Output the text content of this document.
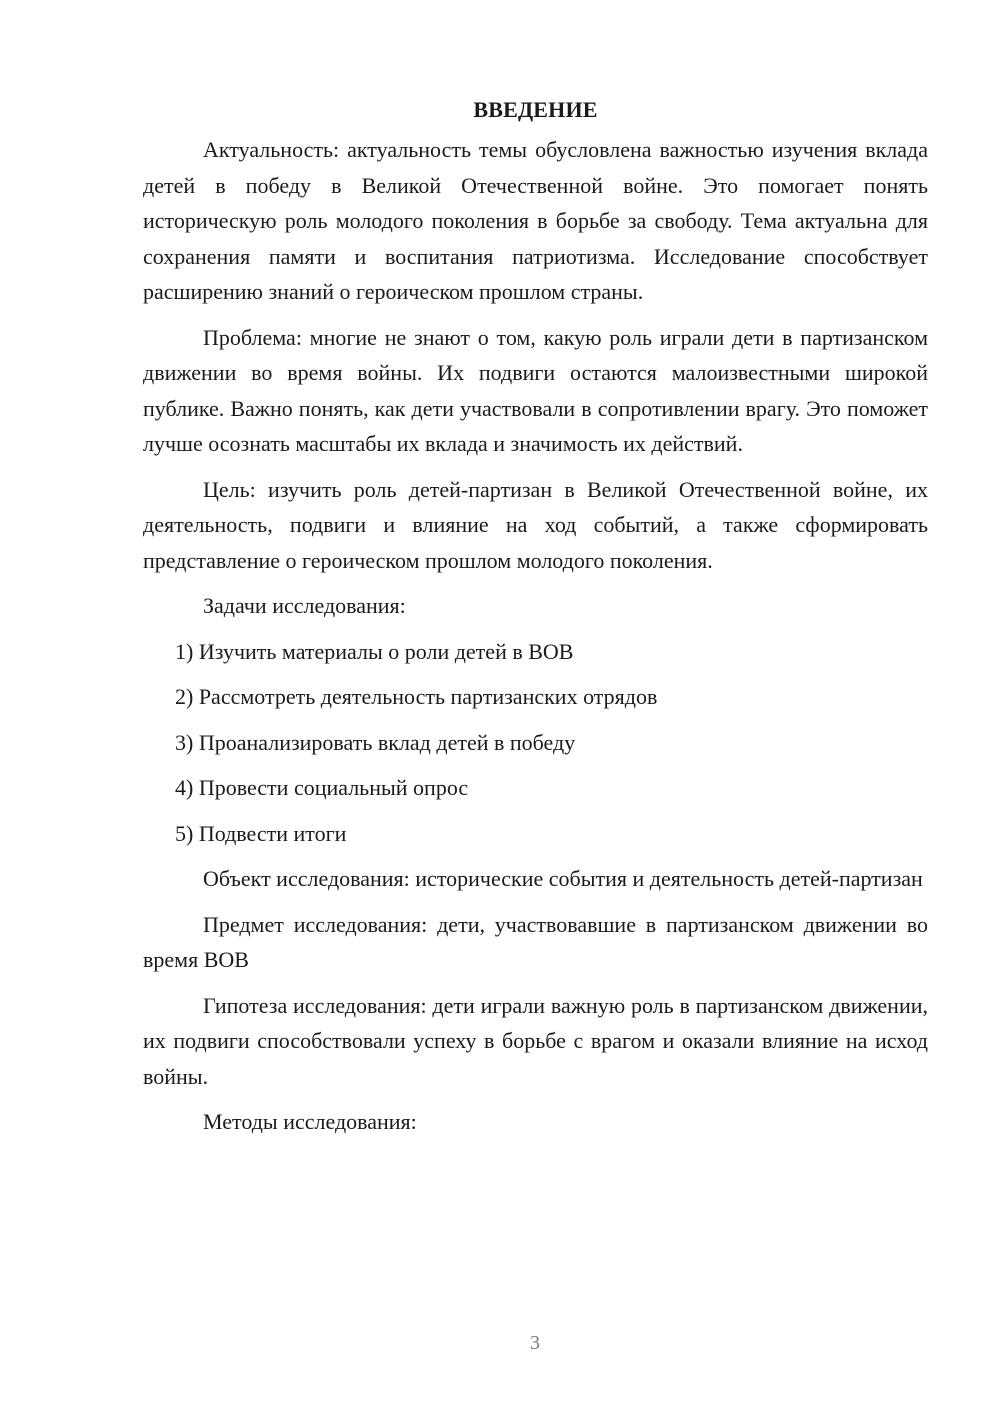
ВВЕДЕНИЕ

Актуальность: актуальность темы обусловлена важностью изучения вклада детей в победу в Великой Отечественной войне. Это помогает понять историческую роль молодого поколения в борьбе за свободу. Тема актуальна для сохранения памяти и воспитания патриотизма. Исследование способствует расширению знаний о героическом прошлом страны.

Проблема: многие не знают о том, какую роль играли дети в партизанском движении во время войны. Их подвиги остаются малоизвестными широкой публике. Важно понять, как дети участвовали в сопротивлении врагу. Это поможет лучше осознать масштабы их вклада и значимость их действий.

Цель: изучить роль детей-партизан в Великой Отечественной войне, их деятельность, подвиги и влияние на ход событий, а также сформировать представление о героическом прошлом молодого поколения.

Задачи исследования:

1) Изучить материалы о роли детей в ВОВ
2) Рассмотреть деятельность партизанских отрядов
3) Проанализировать вклад детей в победу
4) Провести социальный опрос
5) Подвести итоги

Объект исследования: исторические события и деятельность детей-партизан

Предмет исследования: дети, участвовавшие в партизанском движении во время ВОВ

Гипотеза исследования: дети играли важную роль в партизанском движении, их подвиги способствовали успеху в борьбе с врагом и оказали влияние на исход войны.

Методы исследования:

3
